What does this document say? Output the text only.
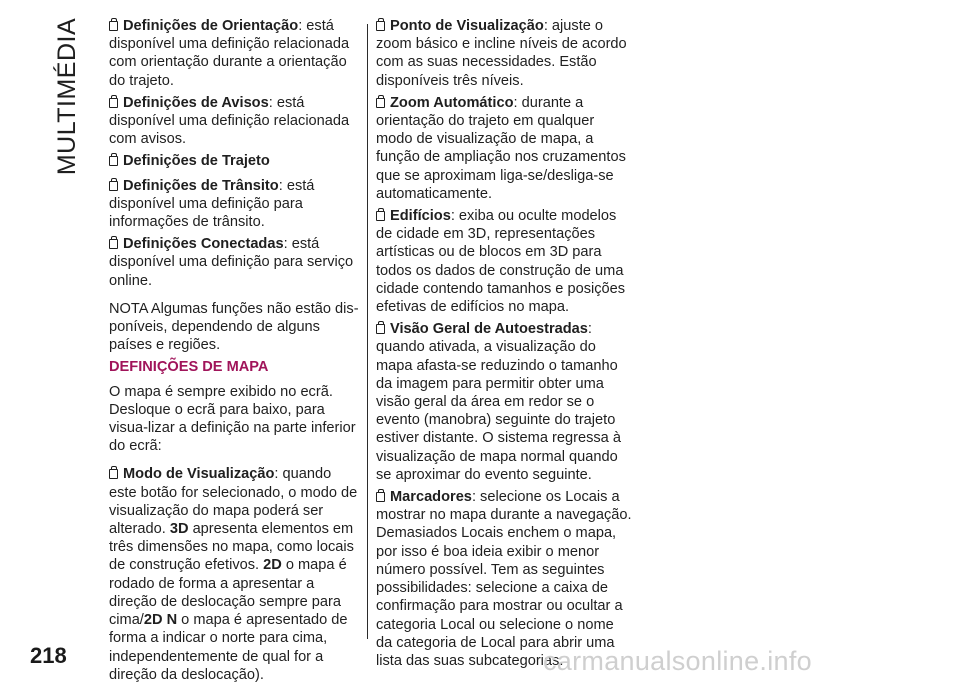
MULTIMÉDIA	Definições de Orientação: está disponível uma definição relacionada com orientação durante a orientação do trajeto.

Definições de Avisos: está disponível uma definição relacionada com avisos.

Definições de Trajeto

Definições de Trânsito: está disponível uma definição para informações de trânsito.

Definições Conectadas: está disponível uma definição para serviço online.

NOTA Algumas funções não estão dis-poníveis, dependendo de alguns países e regiões.

DEFINIÇÕES DE MAPA

O mapa é sempre exibido no ecrã. Desloque o ecrã para baixo, para visua-lizar a definição na parte inferior do ecrã:

Modo de Visualização: quando este botão for selecionado, o modo de visualização do mapa poderá ser alterado. 3D apresenta elementos em três dimensões no mapa, como locais de construção efetivos. 2D o mapa é rodado de forma a apresentar a direção de deslocação sempre para cima/2D N o mapa é apresentado de forma a indicar o norte para cima, independentemente de qual for a direção da deslocação).

Ponto de Visualização: ajuste o zoom básico e incline níveis de acordo com as suas necessidades. Estão disponíveis três níveis.

Zoom Automático: durante a orientação do trajeto em qualquer modo de visualização de mapa, a função de ampliação nos cruzamentos que se aproximam liga-se/desliga-se automaticamente.

Edifícios: exiba ou oculte modelos de cidade em 3D, representações artísticas ou de blocos em 3D para todos os dados de construção de uma cidade contendo tamanhos e posições efetivas de edifícios no mapa.

Visão Geral de Autoestradas: quando ativada, a visualização do mapa afasta-se reduzindo o tamanho da imagem para permitir obter uma visão geral da área em redor se o evento (manobra) seguinte do trajeto estiver distante. O sistema regressa à visualização de mapa normal quando se aproximar do evento seguinte.

Marcadores: selecione os Locais a mostrar no mapa durante a navegação. Demasiados Locais enchem o mapa, por isso é boa ideia exibir o menor número possível. Tem as seguintes possibilidades: selecione a caixa de confirmação para mostrar ou ocultar a categoria Local ou selecione o nome da categoria de Local para abrir uma lista das suas subcategorias.

218	carmanualsonline.info
